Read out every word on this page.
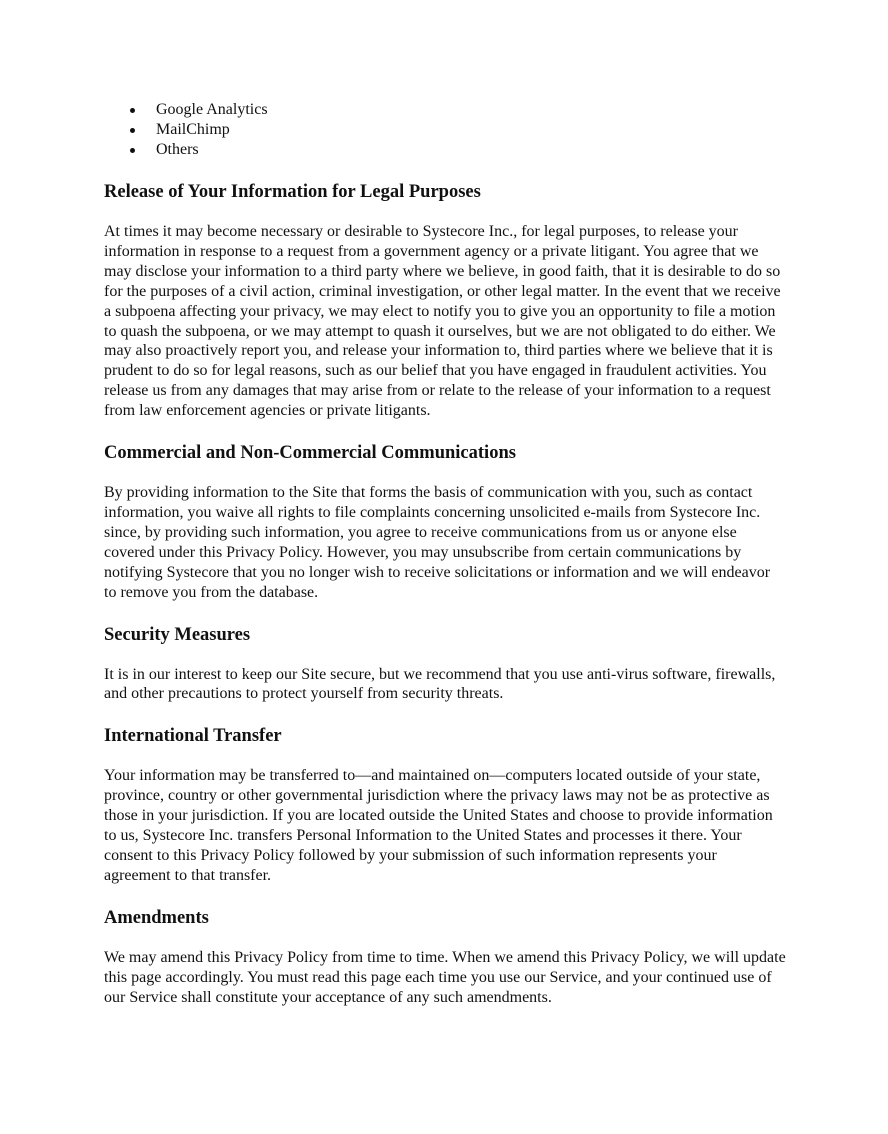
Google Analytics
MailChimp
Others
Release of Your Information for Legal Purposes

At times it may become necessary or desirable to Systecore Inc., for legal purposes, to release your information in response to a request from a government agency or a private litigant. You agree that we may disclose your information to a third party where we believe, in good faith, that it is desirable to do so for the purposes of a civil action, criminal investigation, or other legal matter. In the event that we receive a subpoena affecting your privacy, we may elect to notify you to give you an opportunity to file a motion to quash the subpoena, or we may attempt to quash it ourselves, but we are not obligated to do either. We may also proactively report you, and release your information to, third parties where we believe that it is prudent to do so for legal reasons, such as our belief that you have engaged in fraudulent activities. You release us from any damages that may arise from or relate to the release of your information to a request from law enforcement agencies or private litigants.

Commercial and Non-Commercial Communications

By providing information to the Site that forms the basis of communication with you, such as contact information, you waive all rights to file complaints concerning unsolicited e-mails from Systecore Inc. since, by providing such information, you agree to receive communications from us or anyone else covered under this Privacy Policy. However, you may unsubscribe from certain communications by notifying Systecore that you no longer wish to receive solicitations or information and we will endeavor to remove you from the database.

Security Measures

It is in our interest to keep our Site secure, but we recommend that you use anti-virus software, firewalls, and other precautions to protect yourself from security threats.

International Transfer

Your information may be transferred to—and maintained on—computers located outside of your state, province, country or other governmental jurisdiction where the privacy laws may not be as protective as those in your jurisdiction. If you are located outside the United States and choose to provide information to us, Systecore Inc. transfers Personal Information to the United States and processes it there. Your consent to this Privacy Policy followed by your submission of such information represents your agreement to that transfer.

Amendments

We may amend this Privacy Policy from time to time. When we amend this Privacy Policy, we will update this page accordingly. You must read this page each time you use our Service, and your continued use of our Service shall constitute your acceptance of any such amendments.
